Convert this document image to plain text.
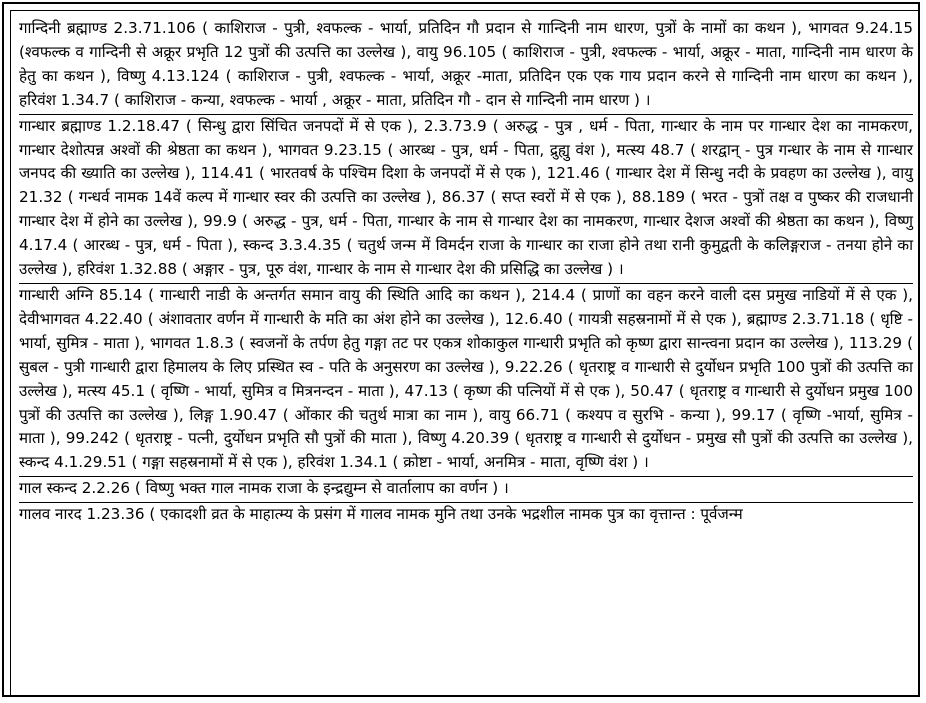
गान्दिनी ब्रह्माण्ड 2.3.71.106 ( काशिराज - पुत्री, श्वफल्क - भार्या, प्रतिदिन गौ प्रदान से गान्दिनी नाम धारण, पुत्रों के नामों का कथन ), भागवत 9.24.15 (श्वफल्क व गान्दिनी से अक्रूर प्रभृति 12 पुत्रों की उत्पत्ति का उल्लेख ), वायु 96.105 ( काशिराज - पुत्री, श्वफल्क - भार्या, अक्रूर - माता, गान्दिनी नाम धारण के हेतु का कथन ), विष्णु 4.13.124 ( काशिराज - पुत्री, श्वफल्क - भार्या, अक्रूर -माता, प्रतिदिन एक एक गाय प्रदान करने से गान्दिनी नाम धारण का कथन ), हरिवंश 1.34.7 ( काशिराज - कन्या, श्वफल्क - भार्या , अक्रूर - माता, प्रतिदिन गौ - दान से गान्दिनी नाम धारण ) ।

गान्धार ब्रह्माण्ड 1.2.18.47 ( सिन्धु द्वारा सिंचित जनपदों में से एक ), 2.3.73.9 ( अरुद्ध - पुत्र , धर्म - पिता, गान्धार के नाम पर गान्धार देश का नामकरण, गान्धार देशोत्पन्न अश्वों की श्रेष्ठता का कथन ), भागवत 9.23.15 ( आरब्ध - पुत्र, धर्म - पिता, द्रुह्यु वंश ), मत्स्य 48.7 ( शरद्वान् - पुत्र गन्धार के नाम से गान्धार जनपद की ख्याति का उल्लेख ), 114.41 ( भारतवर्ष के पश्चिम दिशा के जनपदों में से एक ), 121.46 ( गान्धार देश में सिन्धु नदी के प्रवहण का उल्लेख ), वायु 21.32 ( गन्धर्व नामक 14वें कल्प में गान्धार स्वर की उत्पत्ति का उल्लेख ), 86.37 ( सप्त स्वरों में से एक ), 88.189 ( भरत - पुत्रों तक्ष व पुष्कर की राजधानी गान्धार देश में होने का उल्लेख ), 99.9 ( अरुद्ध - पुत्र, धर्म - पिता, गान्धार के नाम से गान्धार देश का नामकरण, गान्धार देशज अश्वों की श्रेष्ठता का कथन ), विष्णु 4.17.4 ( आरब्ध - पुत्र, धर्म - पिता ), स्कन्द 3.3.4.35 ( चतुर्थ जन्म में विमर्दन राजा के गान्धार का राजा होने तथा रानी कुमुद्वती के कलिङ्गराज - तनया होने का उल्लेख ), हरिवंश 1.32.88 ( अङ्गार - पुत्र, पूरु वंश, गान्धार के नाम से गान्धार देश की प्रसिद्धि का उल्लेख ) ।

गान्धारी अग्नि 85.14 ( गान्धारी नाडी के अन्तर्गत समान वायु की स्थिति आदि का कथन ), 214.4 ( प्राणों का वहन करने वाली दस प्रमुख नाडियों में से एक ), देवीभागवत 4.22.40 ( अंशावतार वर्णन में गान्धारी के मति का अंश होने का उल्लेख ), 12.6.40 ( गायत्री सहस्रनामों में से एक ), ब्रह्माण्ड 2.3.71.18 ( धृष्टि - भार्या, सुमित्र - माता ), भागवत 1.8.3 ( स्वजनों के तर्पण हेतु गङ्गा तट पर एकत्र शोकाकुल गान्धारी प्रभृति को कृष्ण द्वारा सान्त्वना प्रदान का उल्लेख ), 113.29 ( सुबल - पुत्री गान्धारी द्वारा हिमालय के लिए प्रस्थित स्व - पति के अनुसरण का उल्लेख ), 9.22.26 ( धृतराष्ट्र व गान्धारी से दुर्योधन प्रभृति 100 पुत्रों की उत्पत्ति का उल्लेख ), मत्स्य 45.1 ( वृष्णि - भार्या, सुमित्र व मित्रनन्दन - माता ), 47.13 ( कृष्ण की पत्नियों में से एक ), 50.47 ( धृतराष्ट्र व गान्धारी से दुर्योधन प्रमुख 100 पुत्रों की उत्पत्ति का उल्लेख ), लिङ्ग 1.90.47 ( ओंकार की चतुर्थ मात्रा का नाम ), वायु 66.71 ( कश्यप व सुरभि - कन्या ), 99.17 ( वृष्णि -भार्या, सुमित्र - माता ), 99.242 ( धृतराष्ट्र - पत्नी, दुर्योधन प्रभृति सौ पुत्रों की माता ), विष्णु 4.20.39 ( धृतराष्ट्र व गान्धारी से दुर्योधन - प्रमुख सौ पुत्रों की उत्पत्ति का उल्लेख ), स्कन्द 4.1.29.51 ( गङ्गा सहस्रनामों में से एक ), हरिवंश 1.34.1 ( क्रोष्टा - भार्या, अनमित्र - माता, वृष्णि वंश ) ।

गाल स्कन्द 2.2.26 ( विष्णु भक्त गाल नामक राजा के इन्द्रद्युम्न से वार्तालाप का वर्णन ) ।

गालव नारद 1.23.36 ( एकादशी व्रत के माहात्म्य के प्रसंग में गालव नामक मुनि तथा उनके भद्रशील नामक पुत्र का वृत्तान्त : पूर्वजन्म
